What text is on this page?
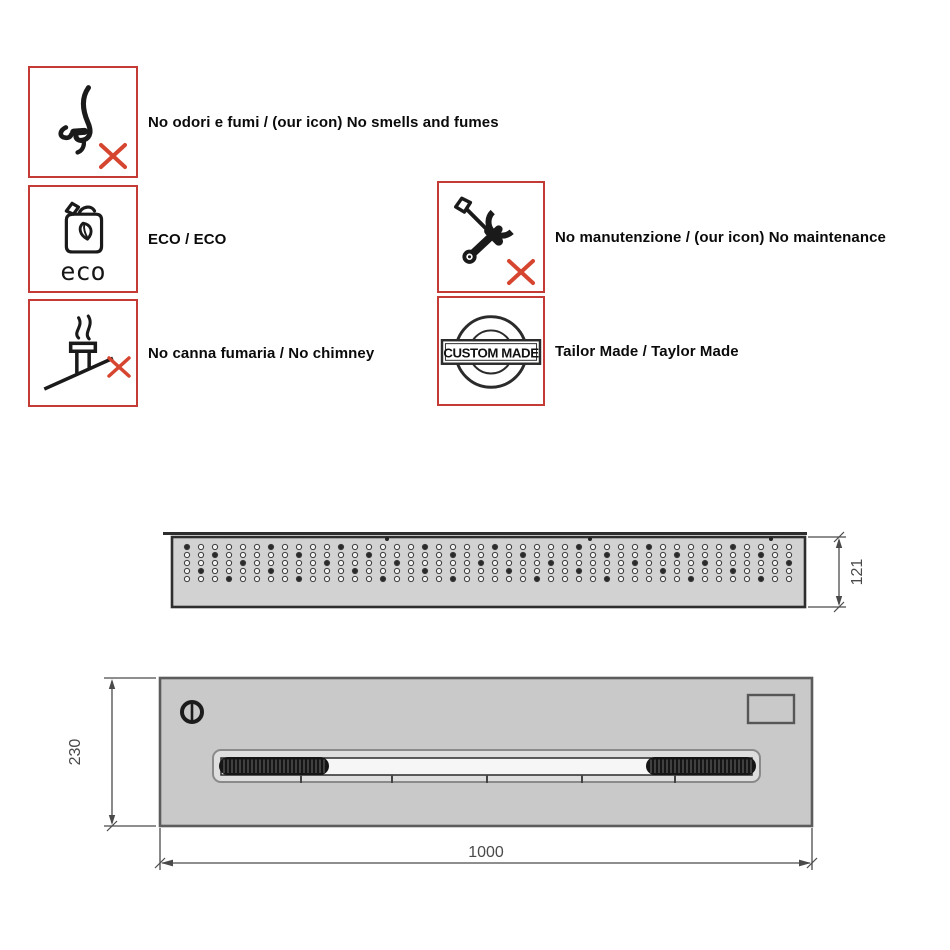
No odori e fumi / (our icon) No smells and fumes
eco
ECO / ECO
No canna fumaria / No chimney
No manutenzione / (our icon) No maintenance
CUSTOM MADE Tailor Made / Taylor Made
121
230
1000
